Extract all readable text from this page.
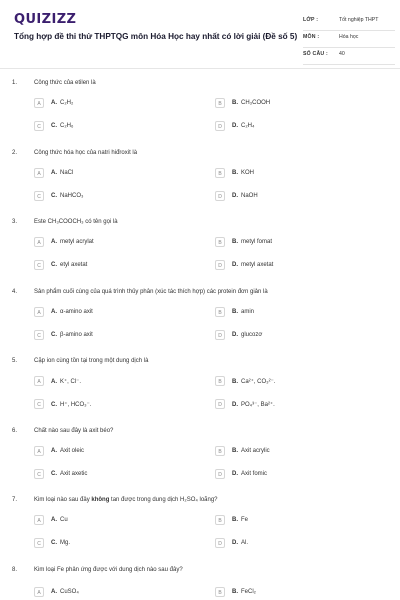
QUIZIZZ
Tổng hợp đề thi thử THPTQG môn Hóa Học hay nhất có lời giải (Đề số 5)
LỚP :	Tốt nghiệp THPT
MÔN :	Hóa học
SỐ CÂU : 40
1.	Công thức của etilen là
A	A. C₂H₂	B	B. CH₃COOH
C	C. C₂H₆	D	D. C₂H₄
2.	Công thức hóa học của natri hiđroxit là
A	A. NaCl	B	B. KOH
C	C. NaHCO₃	D	D. NaOH
3.	Este CH₃COOCH₃ có tên gọi là
A	A. metyl acrylat	B	B. metyl fomat
C	C. etyl axetat	D	D. metyl axetat
4.	Sản phẩm cuối cùng của quá trình thủy phân (xúc tác thích hợp) các protein đơn giản là
A	A. α-amino axit	B	B. amin
C	C. β-amino axit	D	D. glucozơ
5.	Cặp ion cùng tồn tại trong một dung dịch là
A	A. K⁺, Cl⁻.	B	B. Ca²⁺, CO₃²⁻.
C	C. H⁺, HCO₃⁻.	D	D. PO₄³⁻, Ba²⁺.
6.	Chất nào sau đây là axit béo?
A	A. Axit oleic	B	B. Axit acrylic
C	C. Axit axetic	D	D. Axit fomic
7.	Kim loại nào sau đây không tan được trong dung dịch H₂SO₄ loãng?
A	A. Cu	B	B. Fe
C	C. Mg.	D	D. Al.
8.	Kim loại Fe phản ứng được với dung dịch nào sau đây?
A	A. CuSO₄	B	B. FeCl₂
